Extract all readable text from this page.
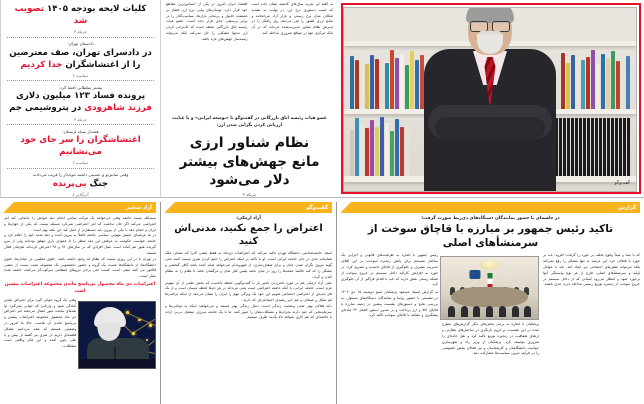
گفت‌وگو
به گفته او، تجربه سال‌های گذشته نشان داده است که تثبیت دستوری نرخ ارز، در نهایت به تشدید شکاف میان نرخ رسمی و بازار آزاد می‌انجامد و منابع ارزی کشور را هدر می‌دهد. وی راهکار را در پذیرش نظام شناور مدیریت‌شده می‌داند که در آن بانک مرکزی تنها در مواقع ضروری مداخله کند.
اقتصاد ایران امروز در یکی از حساس‌ترین مقاطع خود قرار دارد. نوسان‌های پیاپی نرخ ارز، فشار بر معیشت خانوار و بی‌ثباتی بازارها، سیاست‌گذار را در برابر پرسشی جدی قرار داده است. عضو هیات رئیسه اتاق بازرگانی معتقد است که تک‌نرخی کردن ارز نه‌تنها مشکلی را حل نمی‌کند بلکه می‌تواند زمینه‌ساز جهش‌های تازه باشد.
عضو هیات رئیسه اتاق بازرگانی در گفت‌وگو با «توسعه ایرانی» و با عنایت ارزیابی کردن نگرانی شدن ارز:
نظام شناور ارزی
مانع جهش‌های بیشتر دلار می‌شود
چرتکه ۳
کلیات لایحه بودجه ۱۴۰۵ تصویب شد
چرتکه ۳
دادستان تهران:
در دادسرای تهران، صف معترضین را از اغتشاشگران جدا کردیم
سیاست ۲
پیشتر سلطانی افشا کرد:
پرونده فساد ۱۲۳ میلیون دلاری فرزند شاهرودی در پتروشیمی جم
چرتکه ۳
هشدار سپاه لرستان:
اغتشاشگران را سر جای خود می‌نشانیم
سیاست ۲
وقتی سایبرنو و حسینی داشته موجدار را فریب می‌دادند
جنگ بی‌پرنده
آذرآنلاین ۸
گزارش
در جلسه‌ای با حضور نمایندگان دستگاه‌های ذی‌ربط صورت گرفت؛
تاکید رئیس جمهور بر مبارزه با قاچاق سوخت از سرمنشأهای اصلی
که با مبنا و مبدأ وقوع تخلف بر خورد را گرفت؛ افزود: باید بر خورد با فعالان خرد این عرصه به تنها مشکل را رفع نمی‌کند بلکه می‌تواند نقش‌های اجتماعی نیز ایجاد کند. باید با عوامل اولیه و سرمنشأهای اصلی، فارغ از هر نوع وابستگی آنها برخورد شود و انتظار می‌رود کسانی که از داخل سیستم در خروج سوخت از زنجیره توزیع رسمی مداخله دارند جدی باشند.
پزشکیان با اشاره به برخی بخش‌های دیگر گزارش‌های مطرح شده در این نشست، بر لزوم بازنگری در ساختارهای نظارتی و ارتقای شفافیت در زنجیره توزیع تاکید کرد و نقل جاده‌ای را ضروری توصیف کرد. پزشکیان از وزیر راه و شهرسازی خواست دانشگاهیان و کارشناسان و نیز فعالان بخش خصوصی را در فرآیند تدوین سیاست‌ها مشارکت دهد.

رئیس جمهور با اشاره به ظرفیت‌های قانونی و اجرایی یک ساختار منسجم برای پایش زنجیره سوخت، بر این اقلام، مدیریت مصرف و جلوگیری از قاچاق دانست و تصریح کرد: در خورد به افزایش کارآمد داخل سیستم در خروج سوخت از شبکه رسمی نقش دارند که باید با اقدام فراگیر از آن جلوگیری کرد.

به گزارش ایسنا، مسعود پزشکیان صبح دوشنبه ۱۵ دی ۱۴۰۴ در نشستی با حضور رؤسا و نمایندگان دستگاه‌های مسئول، به بررسی نتایج و دستور‌های نشست پیشین در زمینه مبارزه با قاچاق کالا و ارز پرداخت و بر صدور دستور العمل ۲۴ ماده‌ای پیشگیری و مقابله با قاچاق سوخت تاکید کرد.

گفت‌وگو
آزاد ارمکی:
اعتراض را جمع نکنید، مدنی‌اش کنید
استاد جامعه‌شناسی دانشگاه تهران تاکید می‌کند که اعتراضات دی‌ماه نه فقط تنشی گذرا که نشانی ملک شناسانه جدی در جان جامعه ایرانی است. او با تاکید بر اینکه اعتراض را جمع کردن هنری نیست کسه معی گوید نیرو‌ی نگران شدن چنان و برای شفاف‌سازی، از شهروندان می‌خواهد شاید آمده باشد کافر گنجشی و مشکل را که کند خالصا جمعه‌ها را روز در میان باشد پلیس کنار شان و مرگشان باشد نا نظام را به نتظام کندن و گردد.
حقی آزاد ارمکی هم در مورد دامن‌زدن تاخیر بار با گفت‌وگویی لحظه دانا‌ست که بخش علمی از آن مهم‌تر عزم است. جامعه ایرانی، با آنکه جامعه اعتراضی است یعنی می‌داند در هر دم‌ها لحظه میسان است و از یک فاز جدیدی از اعتراضی اجتماعی شویم این خود یک ویژگی مهم را ایران را نشان می‌دهد از اینکه تراشی‌ها هم شکل و شمالی و هم خیر رشیدی اجتماعی‌ای که دارند.
دانه فعالان بهتر شدن وضعیت زندگی است. دنبال زندگی بهتر هستند و می‌خواهند اینکه به توانایی‌ها و سرمایه‌هایی که خود دارند بحران‌ها و مشکلات‌شان را عبور کنند. ما با یک جامعه سرزی، منفعل، بی‌بی اراده با جامعه‌ای که هم کاری بخواهد بالا یک‌بند طرف نیستیم.
آزاد سخنی
بسم‌الله مبسد جامعه وقتی می‌خواهد یک مرکت بنیادین انجام دهد خودش را جابجایی کند امر اعتراضی می‌کند اگر جان نداشت که امر اعتراضی نمی‌کرد مسئله نیست که یکی از جهان‌ها و ایران و انجام دهد با یکی از بیرون باید مستقل‌تر از اصل کند این نکته بهم است.
در ما عرصه‌ای جنبش مهم‌تر، سیاسی جامعه کاملاً به بیرون آمده و دهد شده خود را اعلام کرد و جامعه خواست حکومت به عرفش این دهد منظر را تا عمودی باری موفق بوده‌اند ولی از نیرو گیرنده هنوز هم آماده است عمل افرادی که در سال‌های ۹۶ و ۹۸ اعتراض کرده‌اند هم‌چنان فعال هستند.
در تهران یا در این روزی نیست که نظام اند وجود داشته باشد. جلوی مجلس، در خیابان‌ها، جلوی دانشگاه‌ها، از دانشگاه‌ها هست یک گروه و حضور دانشجویی یک مجموعه مثبت نیست از بعضی فاکتور می کنند منفی است. کسب حتی برخی نیرو‌های انتظامی سرکوب‌گر می‌کنند، جامعه شده عمل است.
اعتراضات دی ماه محصول بی‌پاسخ ماندن مجموعه اعتراضات پیشین است
وقتی یک گروه جوانی گیرد برای اعتراض معدی آمادگی شود و وارثانی که جوانی نمی‌گیرد نیا نقدهای نیامده عبور انتقال می‌دهند امر اعتراض دی ماه محصول مجموعه اعتراضات پیشین و بی‌پاسخ ماندن آن هاست. حالا ما امروز در وضعیتی هستیم که همه می‌دانیم مشکل قلمعه‌ای داریم در هنری نیز گفتند از پیش و پا علی پایین آمده و این فکر واقعی است مشکلات.
